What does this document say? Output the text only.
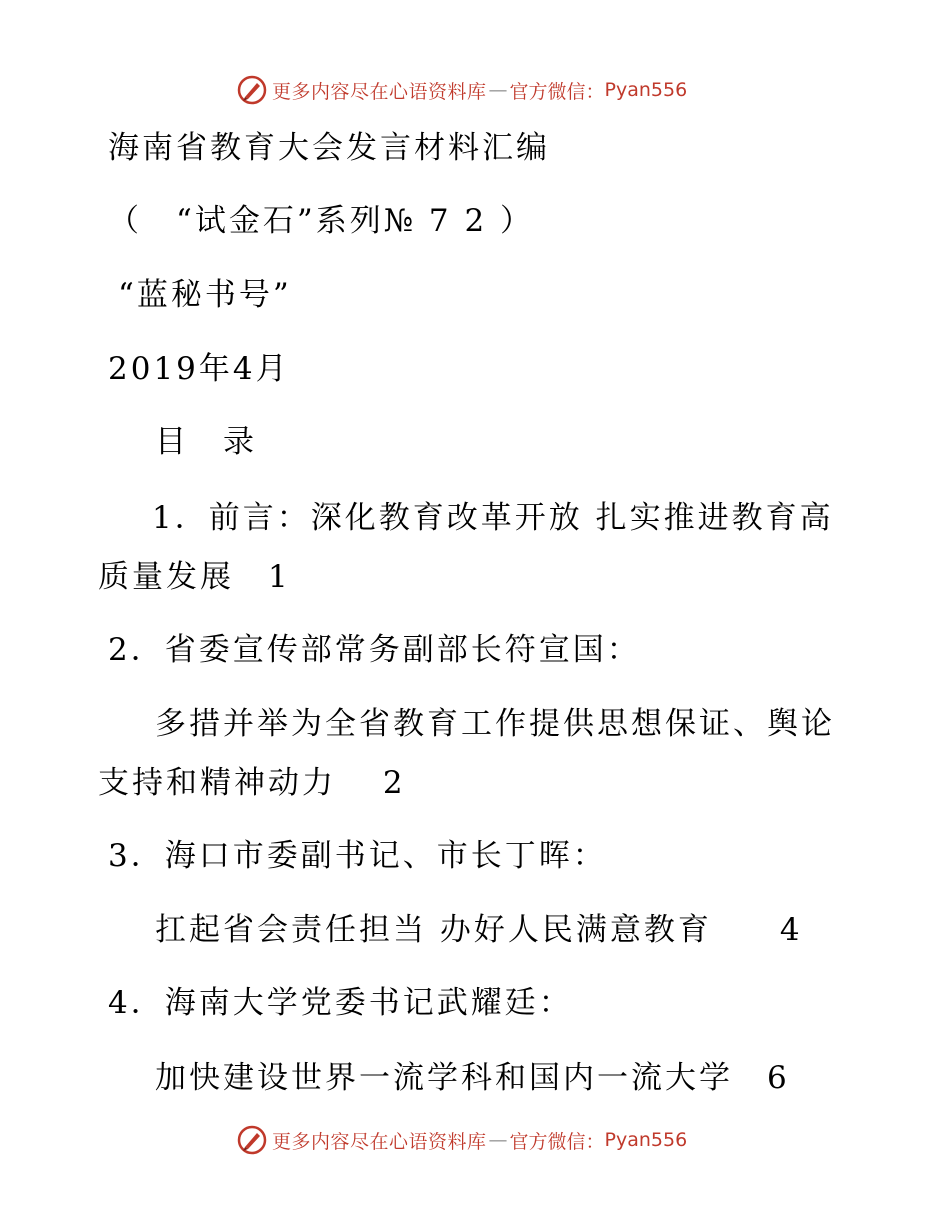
更多内容尽在心语资料库 — 官方微信： Pyan556
海南省教育大会发言材料汇编
（　“试金石”系列№ 7 2 ）
“蓝秘书号”
2019年4月
目　录
1．前言：深化教育改革开放 扎实推进教育高
质量发展　1
2．省委宣传部常务副部长符宣国：
多措并举为全省教育工作提供思想保证、舆论
支持和精神动力　 2
3．海口市委副书记、市长丁晖：
扛起省会责任担当 办好人民满意教育　　4
4．海南大学党委书记武耀廷：
加快建设世界一流学科和国内一流大学　6
更多内容尽在心语资料库 — 官方微信： Pyan556
